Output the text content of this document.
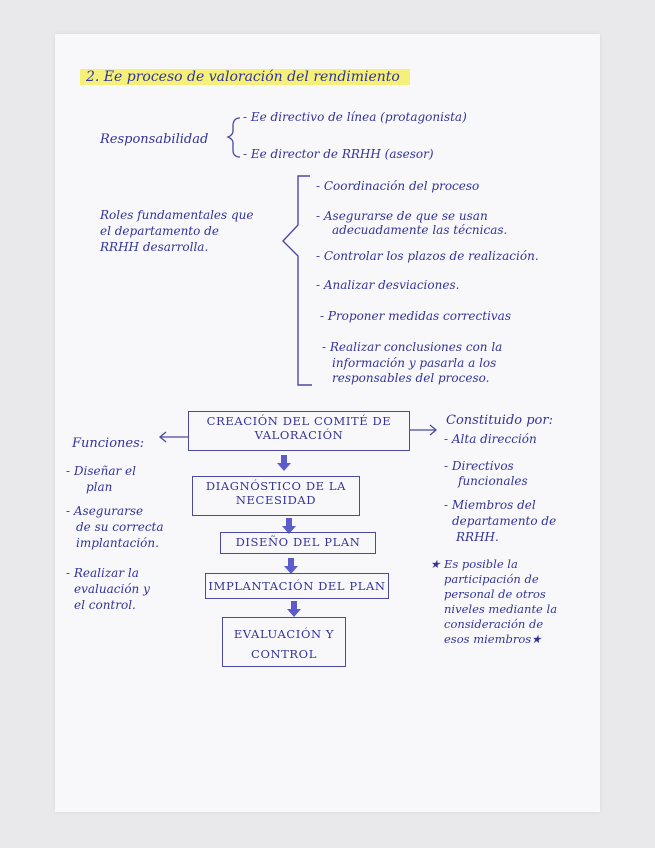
2. Ee proceso de valoración del rendimiento
Responsabilidad
- Ee directivo de línea (protagonista)
- Ee director de RRHH (asesor)
Roles fundamentales que
el departamento de
RRHH desarrolla.
- Coordinación del proceso
- Asegurarse de que se usan
adecuadamente las técnicas.
- Controlar los plazos de realización.
- Analizar desviaciones.
- Proponer medidas correctivas
- Realizar conclusiones con la
información y pasarla a los
responsables del proceso.
CREACIÓN DEL COMITÉ DE
VALORACIÓN
DIAGNÓSTICO DE LA
NECESIDAD
DISEÑO DEL PLAN
IMPLANTACIÓN DEL PLAN
EVALUACIÓN Y
CONTROL
Funciones:
- Diseñar el
plan
- Asegurarse
de su correcta
implantación.
- Realizar la
evaluación y
el control.
Constituido por:
- Alta dirección
- Directivos
funcionales
- Miembros del
departamento de
RRHH.
★ Es posible la
participación de
personal de otros
niveles mediante la
consideración de
esos miembros★
